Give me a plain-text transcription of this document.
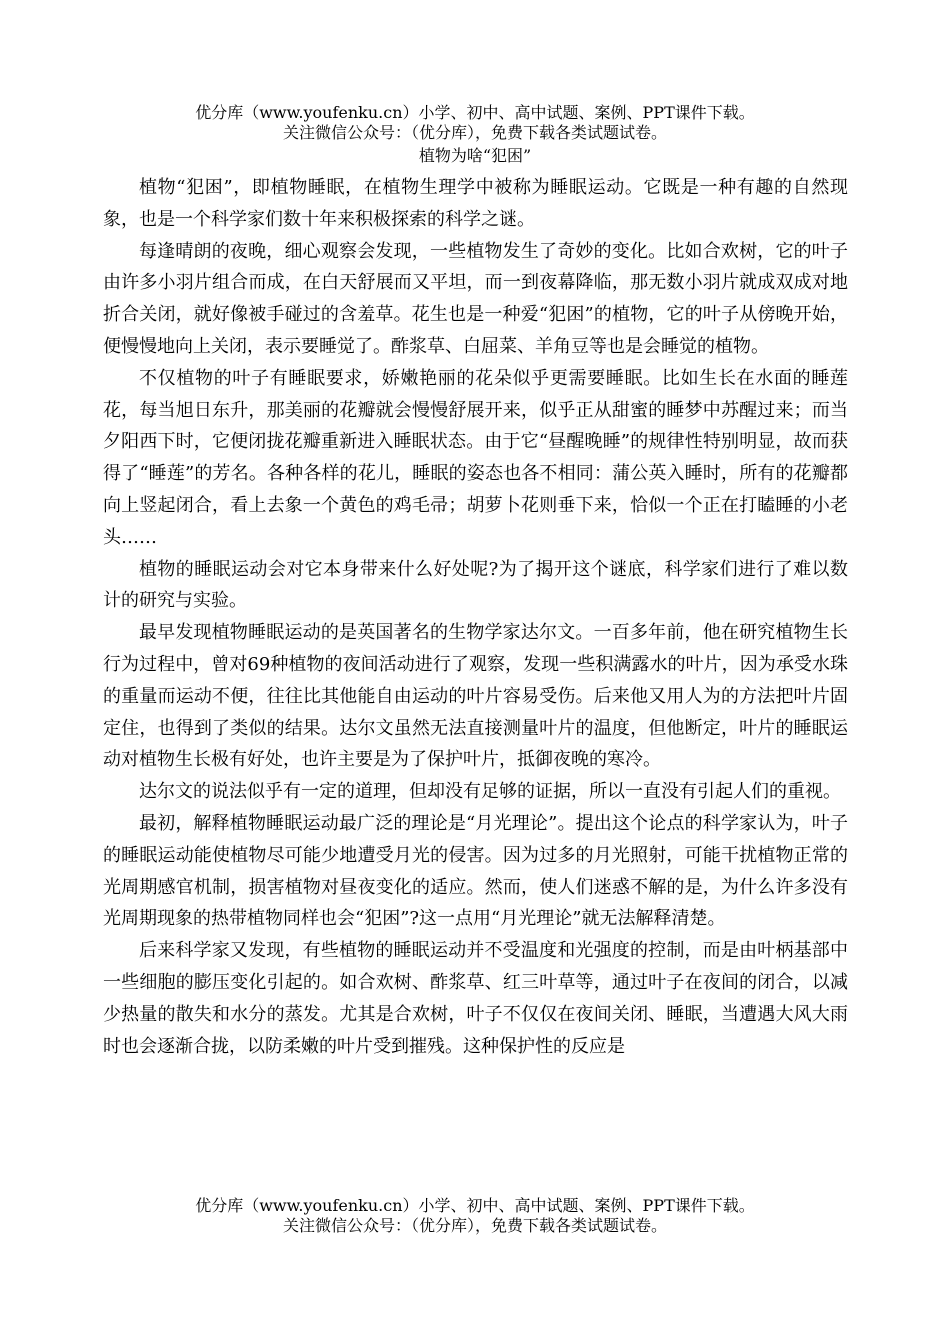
优分库（www.youfenku.cn）小学、初中、高中试题、案例、PPT课件下载。
关注微信公众号：（优分库），免费下载各类试题试卷。
植物为啥“犯困”

植物“犯困”，即植物睡眠，在植物生理学中被称为睡眠运动。它既是一种有趣的自然现象，也是一个科学家们数十年来积极探索的科学之谜。

每逢晴朗的夜晚，细心观察会发现，一些植物发生了奇妙的变化。比如合欢树，它的叶子由许多小羽片组合而成，在白天舒展而又平坦，而一到夜幕降临，那无数小羽片就成双成对地折合关闭，就好像被手碰过的含羞草。花生也是一种爱“犯困”的植物，它的叶子从傍晚开始，便慢慢地向上关闭，表示要睡觉了。酢浆草、白屈菜、羊角豆等也是会睡觉的植物。

不仅植物的叶子有睡眠要求，娇嫩艳丽的花朵似乎更需要睡眠。比如生长在水面的睡莲花，每当旭日东升，那美丽的花瓣就会慢慢舒展开来，似乎正从甜蜜的睡梦中苏醒过来；而当夕阳西下时，它便闭拢花瓣重新进入睡眠状态。由于它“昼醒晚睡”的规律性特别明显，故而获得了“睡莲”的芳名。各种各样的花儿，睡眠的姿态也各不相同：蒲公英入睡时，所有的花瓣都向上竖起闭合，看上去象一个黄色的鸡毛帚；胡萝卜花则垂下来，恰似一个正在打瞌睡的小老头……

植物的睡眠运动会对它本身带来什么好处呢?为了揭开这个谜底，科学家们进行了难以数计的研究与实验。

最早发现植物睡眠运动的是英国著名的生物学家达尔文。一百多年前，他在研究植物生长行为过程中，曾对69种植物的夜间活动进行了观察，发现一些积满露水的叶片，因为承受水珠的重量而运动不便，往往比其他能自由运动的叶片容易受伤。后来他又用人为的方法把叶片固定住，也得到了类似的结果。达尔文虽然无法直接测量叶片的温度，但他断定，叶片的睡眠运动对植物生长极有好处，也许主要是为了保护叶片，抵御夜晚的寒冷。

达尔文的说法似乎有一定的道理，但却没有足够的证据，所以一直没有引起人们的重视。

最初，解释植物睡眠运动最广泛的理论是“月光理论”。提出这个论点的科学家认为，叶子的睡眠运动能使植物尽可能少地遭受月光的侵害。因为过多的月光照射，可能干扰植物正常的光周期感官机制，损害植物对昼夜变化的适应。然而，使人们迷惑不解的是，为什么许多没有光周期现象的热带植物同样也会“犯困”?这一点用“月光理论”就无法解释清楚。

后来科学家又发现，有些植物的睡眠运动并不受温度和光强度的控制，而是由叶柄基部中一些细胞的膨压变化引起的。如合欢树、酢浆草、红三叶草等，通过叶子在夜间的闭合，以减少热量的散失和水分的蒸发。尤其是合欢树，叶子不仅仅在夜间关闭、睡眠，当遭遇大风大雨时也会逐渐合拢，以防柔嫩的叶片受到摧残。这种保护性的反应是

优分库（www.youfenku.cn）小学、初中、高中试题、案例、PPT课件下载。
关注微信公众号：（优分库），免费下载各类试题试卷。
